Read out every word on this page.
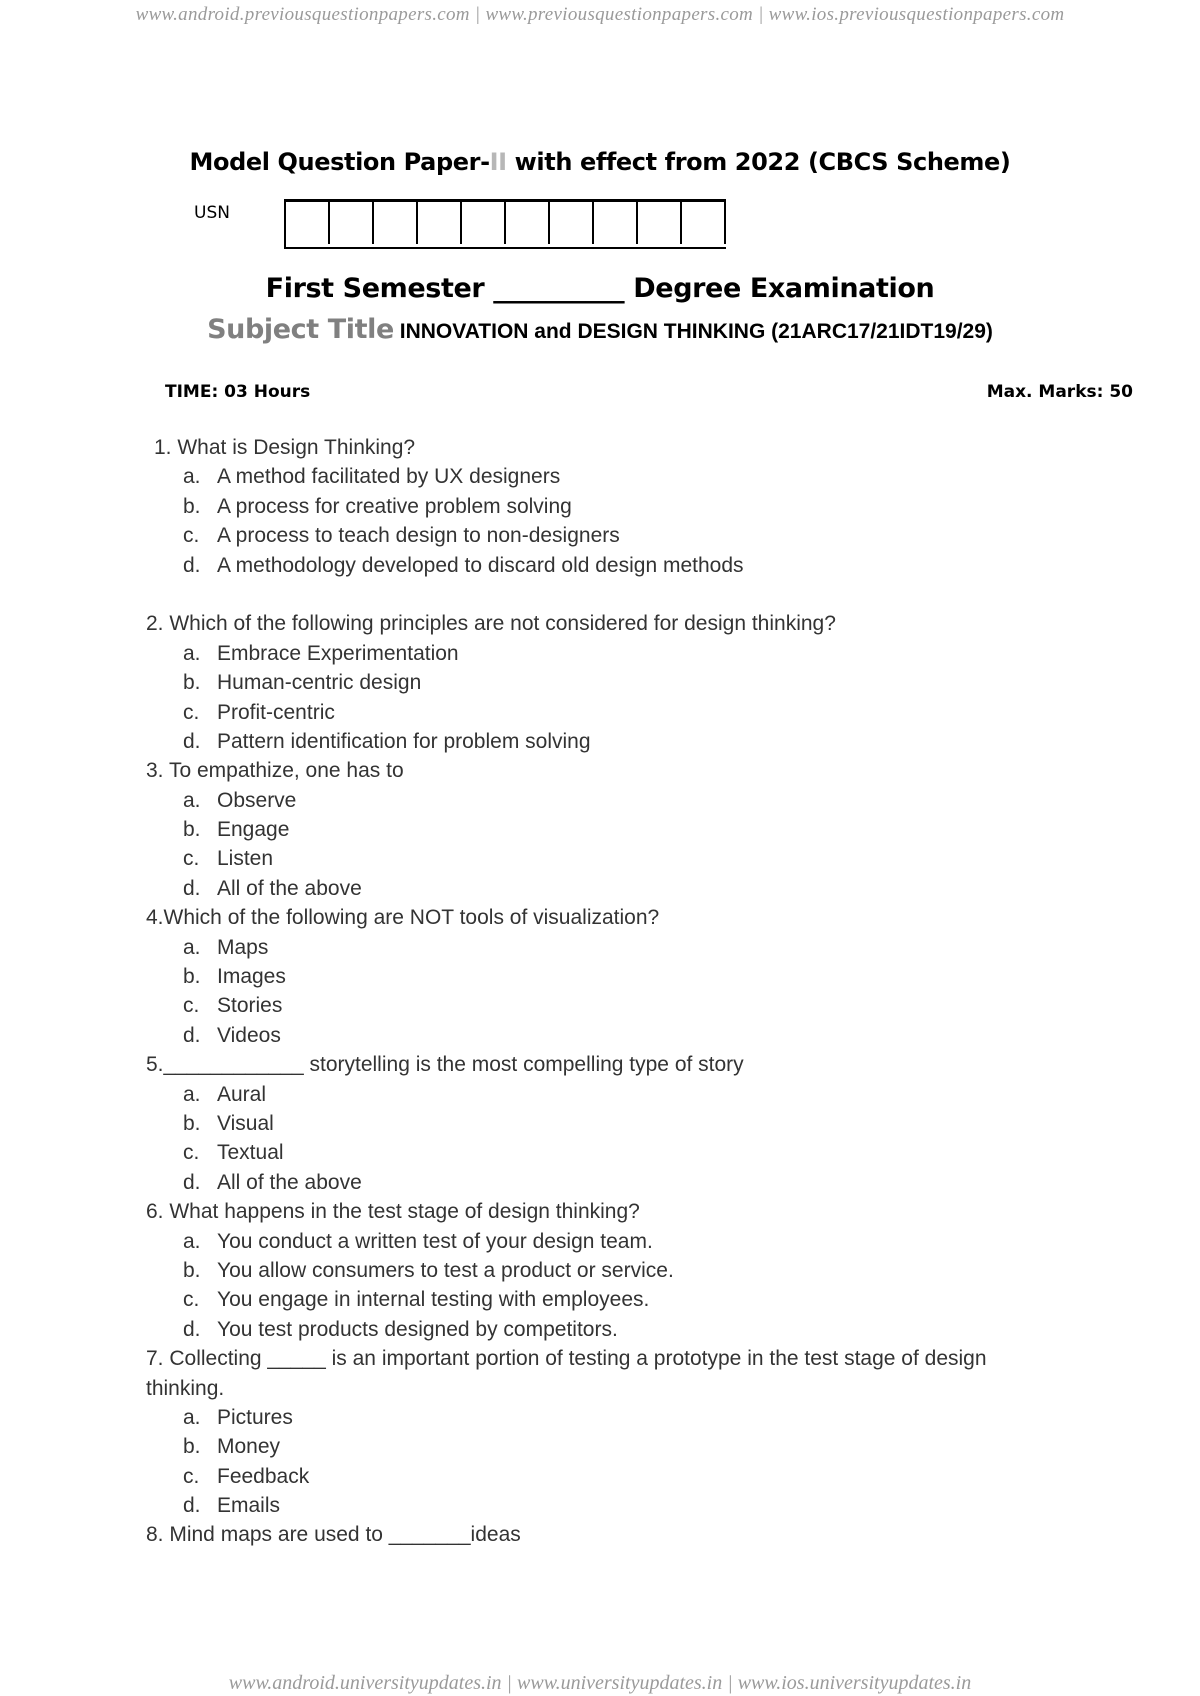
www.android.previousquestionpapers.com | www.previousquestionpapers.com | www.ios.previousquestionpapers.com
Model Question Paper-II with effect from 2022 (CBCS Scheme)
USN
First Semester __________ Degree Examination
Subject Title INNOVATION and DESIGN THINKING (21ARC17/21IDT19/29)
TIME: 03 Hours	Max. Marks: 50
1. What is Design Thinking?
a. A method facilitated by UX designers
b. A process for creative problem solving
c. A process to teach design to non-designers
d. A methodology developed to discard old design methods
2. Which of the following principles are not considered for design thinking?
a. Embrace Experimentation
b. Human-centric design
c. Profit-centric
d. Pattern identification for problem solving
3. To empathize, one has to
a. Observe
b. Engage
c. Listen
d. All of the above
4.Which of the following are NOT tools of visualization?
a. Maps
b. Images
c. Stories
d. Videos
5.____________ storytelling is the most compelling type of story
a. Aural
b. Visual
c. Textual
d. All of the above
6. What happens in the test stage of design thinking?
a. You conduct a written test of your design team.
b. You allow consumers to test a product or service.
c. You engage in internal testing with employees.
d. You test products designed by competitors.
7. Collecting _____ is an important portion of testing a prototype in the test stage of design
thinking.
a. Pictures
b. Money
c. Feedback
d. Emails
8. Mind maps are used to _______ideas
www.android.universityupdates.in | www.universityupdates.in | www.ios.universityupdates.in
